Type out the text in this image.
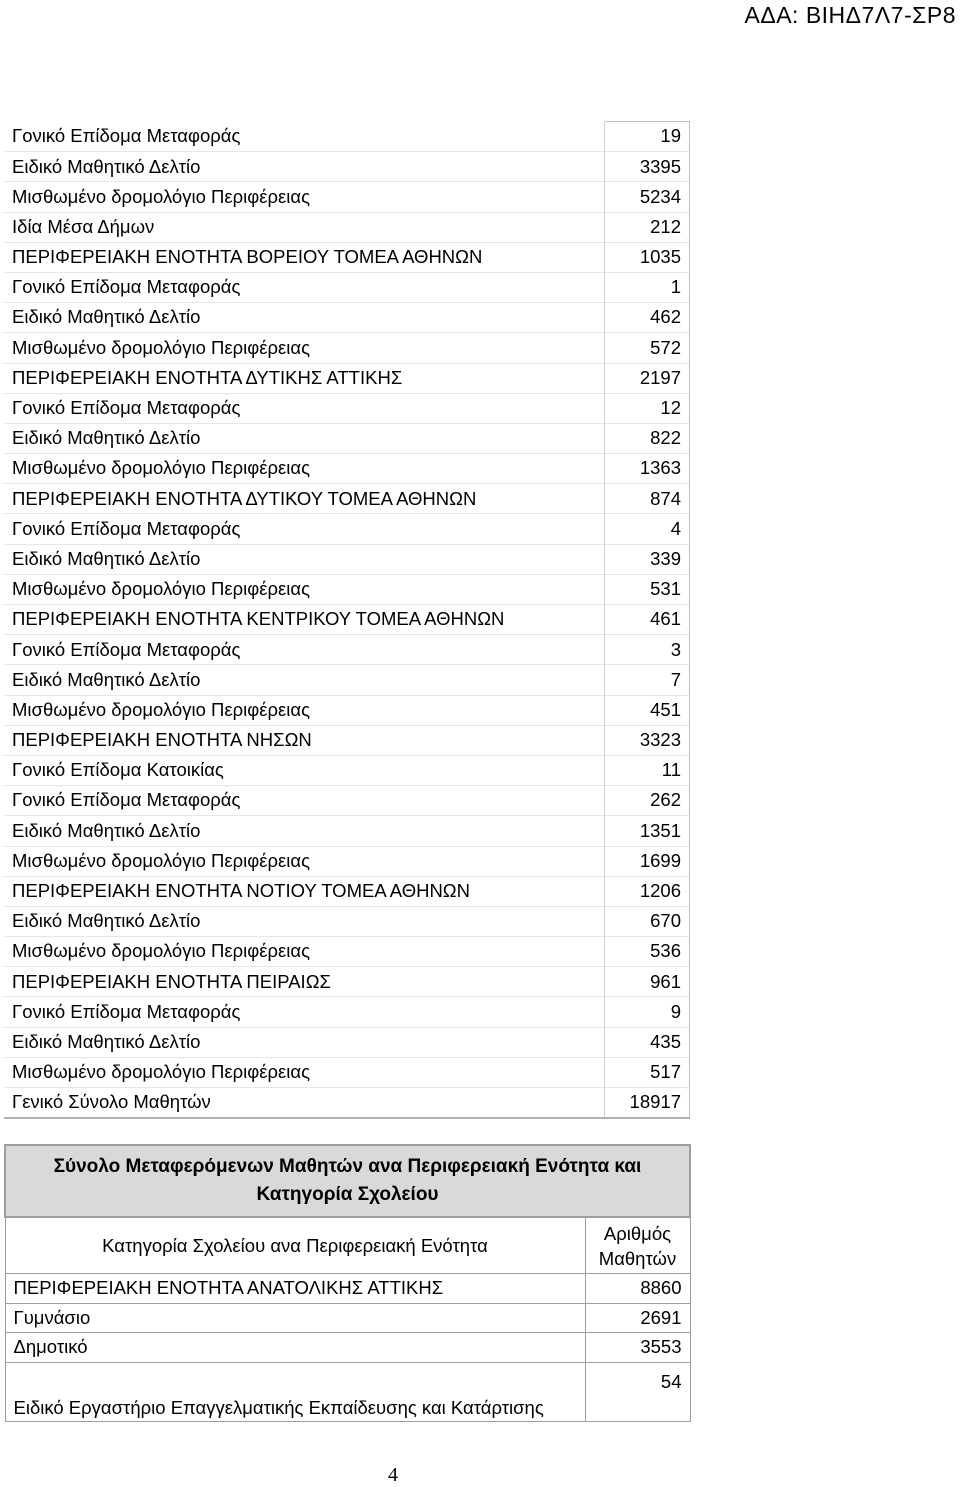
ΑΔΑ: ΒΙΗΔ7Λ7-ΣΡ8
Γονικό Επίδομα Μεταφοράς	19
Ειδικό Μαθητικό Δελτίο	3395
Μισθωμένο δρομολόγιο Περιφέρειας	5234
Ιδία Μέσα Δήμων	212
ΠΕΡΙΦΕΡΕΙΑΚΗ ΕΝΟΤΗΤΑ ΒΟΡΕΙΟΥ ΤΟΜΕΑ ΑΘΗΝΩΝ	1035
Γονικό Επίδομα Μεταφοράς	1
Ειδικό Μαθητικό Δελτίο	462
Μισθωμένο δρομολόγιο Περιφέρειας	572
ΠΕΡΙΦΕΡΕΙΑΚΗ ΕΝΟΤΗΤΑ ΔΥΤΙΚΗΣ ΑΤΤΙΚΗΣ	2197
Γονικό Επίδομα Μεταφοράς	12
Ειδικό Μαθητικό Δελτίο	822
Μισθωμένο δρομολόγιο Περιφέρειας	1363
ΠΕΡΙΦΕΡΕΙΑΚΗ ΕΝΟΤΗΤΑ ΔΥΤΙΚΟΥ ΤΟΜΕΑ ΑΘΗΝΩΝ	874
Γονικό Επίδομα Μεταφοράς	4
Ειδικό Μαθητικό Δελτίο	339
Μισθωμένο δρομολόγιο Περιφέρειας	531
ΠΕΡΙΦΕΡΕΙΑΚΗ ΕΝΟΤΗΤΑ ΚΕΝΤΡΙΚΟΥ ΤΟΜΕΑ ΑΘΗΝΩΝ	461
Γονικό Επίδομα Μεταφοράς	3
Ειδικό Μαθητικό Δελτίο	7
Μισθωμένο δρομολόγιο Περιφέρειας	451
ΠΕΡΙΦΕΡΕΙΑΚΗ ΕΝΟΤΗΤΑ ΝΗΣΩΝ	3323
Γονικό Επίδομα Κατοικίας	11
Γονικό Επίδομα Μεταφοράς	262
Ειδικό Μαθητικό Δελτίο	1351
Μισθωμένο δρομολόγιο Περιφέρειας	1699
ΠΕΡΙΦΕΡΕΙΑΚΗ ΕΝΟΤΗΤΑ ΝΟΤΙΟΥ ΤΟΜΕΑ ΑΘΗΝΩΝ	1206
Ειδικό Μαθητικό Δελτίο	670
Μισθωμένο δρομολόγιο Περιφέρειας	536
ΠΕΡΙΦΕΡΕΙΑΚΗ ΕΝΟΤΗΤΑ ΠΕΙΡΑΙΩΣ	961
Γονικό Επίδομα Μεταφοράς	9
Ειδικό Μαθητικό Δελτίο	435
Μισθωμένο δρομολόγιο Περιφέρειας	517
Γενικό Σύνολο Μαθητών	18917
Σύνολο Μεταφερόμενων Μαθητών ανα Περιφερειακή Ενότητα και Κατηγορία Σχολείου	
Κατηγορία Σχολείου ανα Περιφερειακή Ενότητα	Αριθμός Μαθητών
ΠΕΡΙΦΕΡΕΙΑΚΗ ΕΝΟΤΗΤΑ ΑΝΑΤΟΛΙΚΗΣ ΑΤΤΙΚΗΣ	8860
Γυμνάσιο	2691
Δημοτικό	3553
Ειδικό Εργαστήριο Επαγγελματικής Εκπαίδευσης και Κατάρτισης	54
4
